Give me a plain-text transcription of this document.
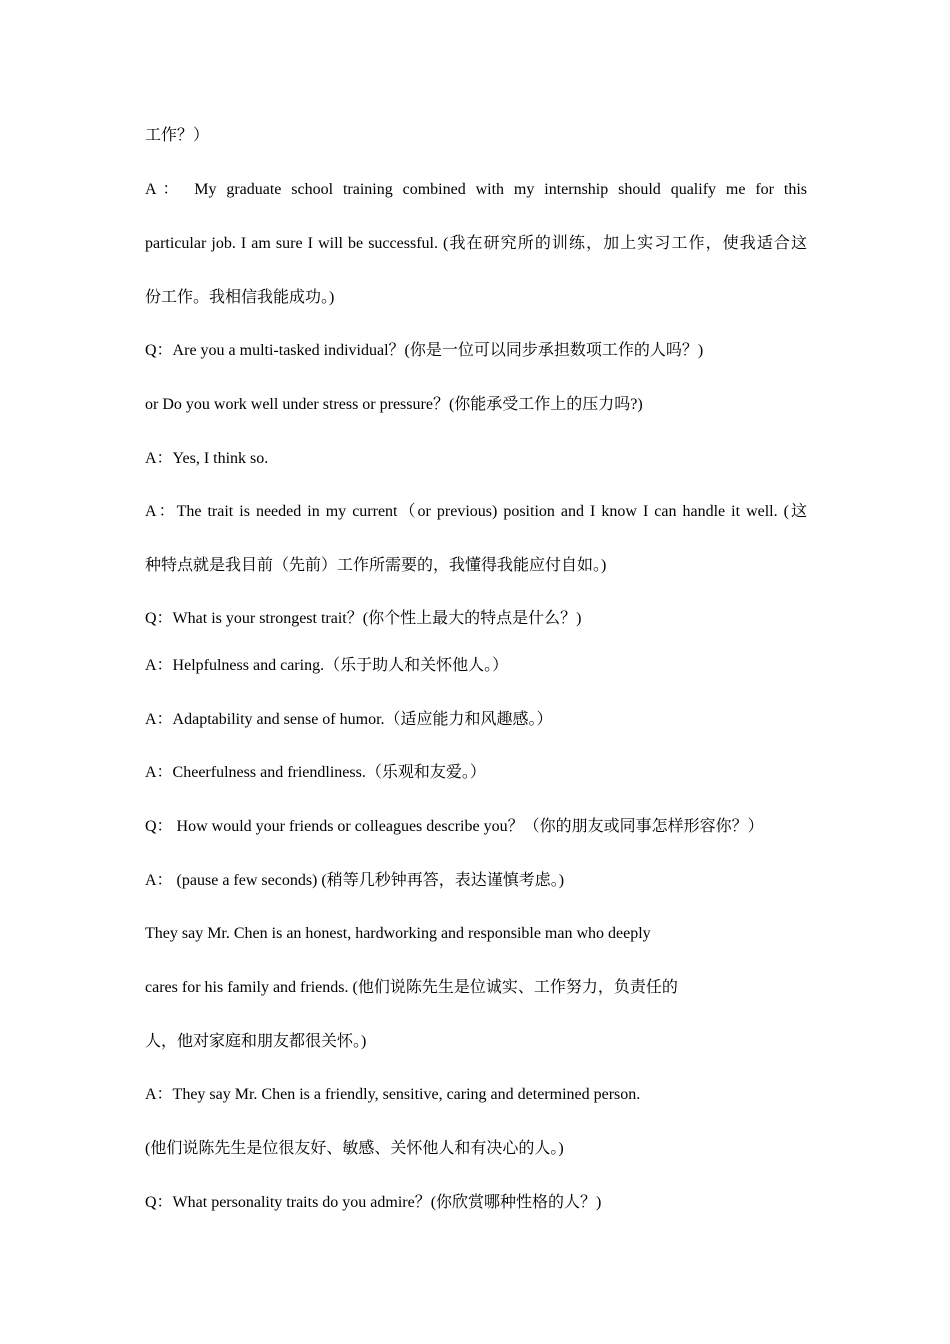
工作？）
A： My graduate school training combined with my internship should qualify me for this
particular job. I am sure I will be successful. (我在研究所的训练，加上实习工作，使我适合这
份工作。我相信我能成功。)
Q：Are you a multi-tasked individual？(你是一位可以同步承担数项工作的人吗？)
or Do you work well under stress or pressure？(你能承受工作上的压力吗?)
A：Yes, I think so.
A：The trait is needed in my current（or previous) position and I know I can handle it well. (这
种特点就是我目前（先前）工作所需要的，我懂得我能应付自如。)
Q：What is your strongest trait？(你个性上最大的特点是什么？)
A：Helpfulness and caring.（乐于助人和关怀他人。）
A：Adaptability and sense of humor.（适应能力和风趣感。）
A：Cheerfulness and friendliness.（乐观和友爱。）
Q： How would your friends or colleagues describe you？（你的朋友或同事怎样形容你？）
A： (pause a few seconds) (稍等几秒钟再答，表达谨慎考虑。)
They say Mr. Chen is an honest, hardworking and responsible man who deeply
cares for his family and friends. (他们说陈先生是位诚实、工作努力，负责任的
人，他对家庭和朋友都很关怀。)
A：They say Mr. Chen is a friendly, sensitive, caring and determined person.
(他们说陈先生是位很友好、敏感、关怀他人和有决心的人。)
Q：What personality traits do you admire？(你欣赏哪种性格的人？)
